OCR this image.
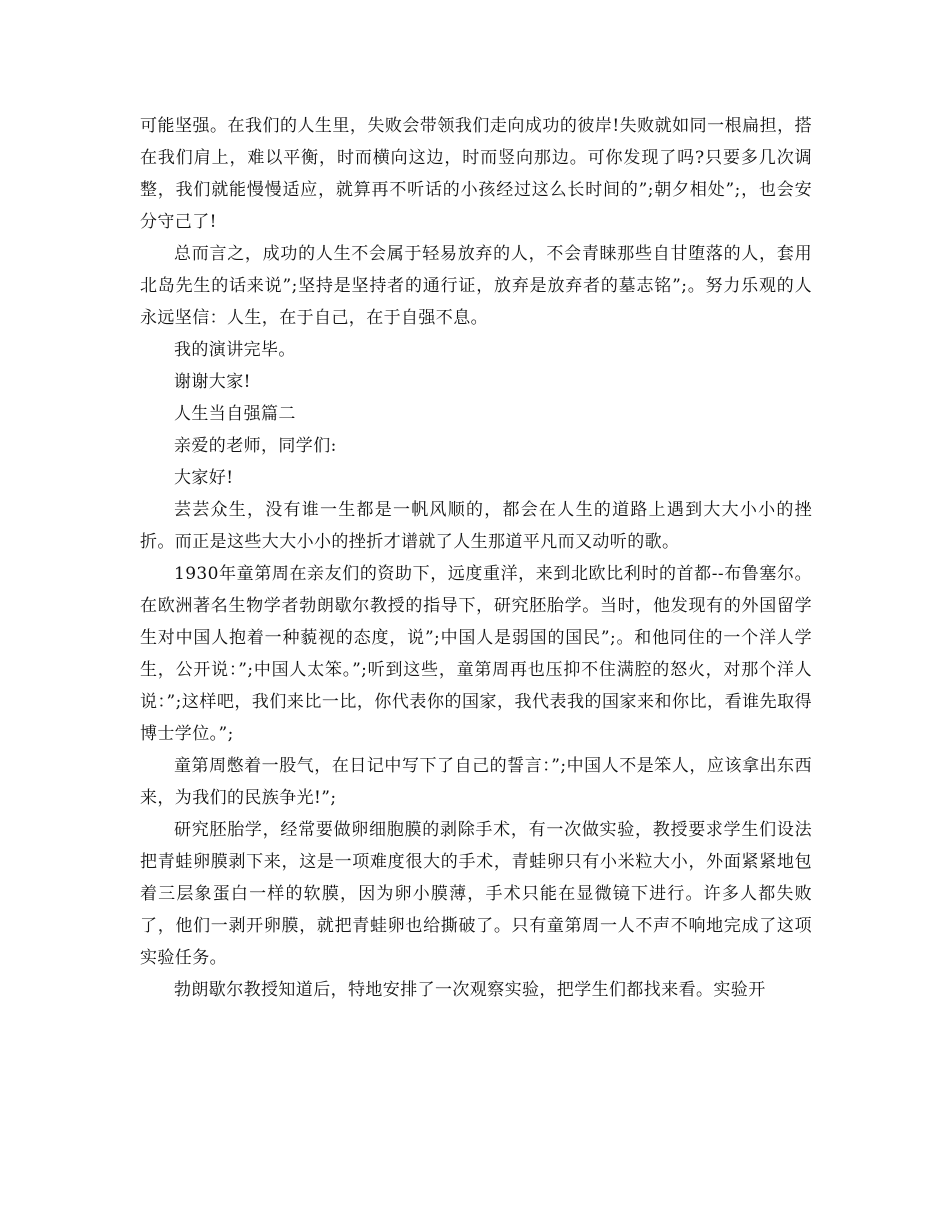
可能坚强。在我们的人生里，失败会带领我们走向成功的彼岸!失败就如同一根扁担，搭在我们肩上，难以平衡，时而横向这边，时而竖向那边。可你发现了吗?只要多几次调整，我们就能慢慢适应，就算再不听话的小孩经过这么长时间的”;朝夕相处”;，也会安分守己了!

总而言之，成功的人生不会属于轻易放弃的人，不会青睐那些自甘堕落的人，套用北岛先生的话来说”;坚持是坚持者的通行证，放弃是放弃者的墓志铭”;。努力乐观的人永远坚信：人生，在于自己，在于自强不息。

我的演讲完毕。

谢谢大家!

人生当自强篇二

亲爱的老师，同学们:

大家好!

芸芸众生，没有谁一生都是一帆风顺的，都会在人生的道路上遇到大大小小的挫折。而正是这些大大小小的挫折才谱就了人生那道平凡而又动听的歌。

1930年童第周在亲友们的资助下，远度重洋，来到北欧比利时的首都--布鲁塞尔。在欧洲著名生物学者勃朗歇尔教授的指导下，研究胚胎学。当时，他发现有的外国留学生对中国人抱着一种藐视的态度，说”;中国人是弱国的国民”;。和他同住的一个洋人学生，公开说：”;中国人太笨。”;听到这些，童第周再也压抑不住满腔的怒火，对那个洋人说：”;这样吧，我们来比一比，你代表你的国家，我代表我的国家来和你比，看谁先取得博士学位。”;

童第周憋着一股气，在日记中写下了自己的誓言：”;中国人不是笨人，应该拿出东西来，为我们的民族争光!”;

研究胚胎学，经常要做卵细胞膜的剥除手术，有一次做实验，教授要求学生们设法把青蛙卵膜剥下来，这是一项难度很大的手术，青蛙卵只有小米粒大小，外面紧紧地包着三层象蛋白一样的软膜，因为卵小膜薄，手术只能在显微镜下进行。许多人都失败了，他们一剥开卵膜，就把青蛙卵也给撕破了。只有童第周一人不声不响地完成了这项实验任务。

勃朗歇尔教授知道后，特地安排了一次观察实验，把学生们都找来看。实验开
